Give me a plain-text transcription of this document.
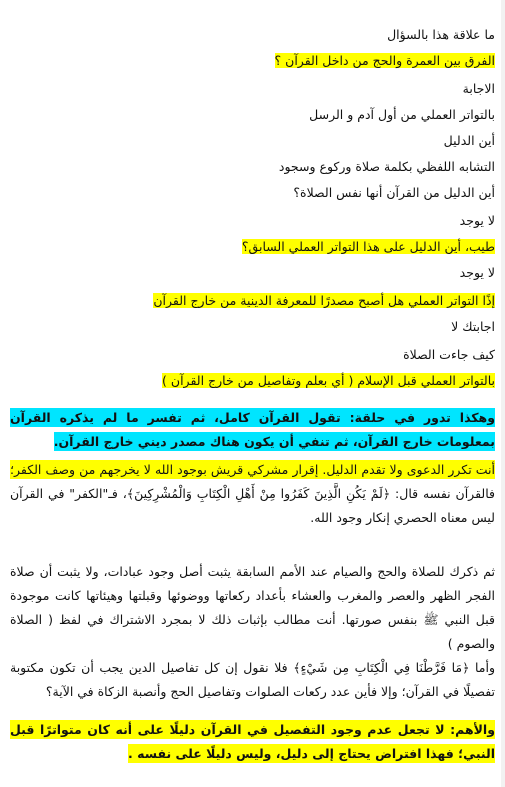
ما علاقة هذا بالسؤال
الفرق بين العمرة والحج من داخل القرآن ؟
الاجابة
بالتواتر العملي من أول آدم و الرسل
أين الدليل
التشابه اللفظي بكلمة صلاة وركوع وسجود
أين الدليل من القرآن أنها نفس الصلاة؟
لا يوجد
طيب، أين الدليل على هذا التواتر العملي السابق؟
لا يوجد
إذًا التواتر العملي هل أصبح مصدرًا للمعرفة الدينية من خارج القرآن
اجابتك لا
كيف جاءت الصلاة
بالتواتر العملي قبل الإسلام ( أي بعلم وتفاصيل من خارج القرآن )
وهكذا تدور في حلقة: تقول القرآن كامل، ثم تفسر ما لم يذكره القرآن بمعلومات خارج القرآن، ثم تنفي أن يكون هناك مصدر ديني خارج القرآن.
أنت تكرر الدعوى ولا تقدم الدليل. إقرار مشركي قريش بوجود الله لا يخرجهم من وصف الكفر؛ فالقرآن نفسه قال: ﴿لَمْ يَكُنِ الَّذِينَ كَفَرُوا مِنْ أَهْلِ الْكِتَابِ وَالْمُشْرِكِينَ﴾، فـ"الكفر" في القرآن ليس معناه الحصري إنكار وجود الله.
ثم ذكرك للصلاة والحج والصيام عند الأمم السابقة يثبت أصل وجود عبادات، ولا يثبت أن صلاة الفجر الظهر والعصر والمغرب والعشاء بأعداد ركعاتها ووضوئها وقبلتها وهيئاتها كانت موجودة قبل النبي ﷺ بنفس صورتها. أنت مطالب بإثبات ذلك لا بمجرد الاشتراك في لفظ ( الصلاة والصوم )
وأما ﴿مَا فَرَّطْنَا فِي الْكِتَابِ مِن شَيْءٍ﴾ فلا نقول إن كل تفاصيل الدين يجب أن تكون مكتوبة تفصيلًا في القرآن؛ وإلا فأين عدد ركعات الصلوات وتفاصيل الحج وأنصبة الزكاة في الآية؟
والأهم: لا تجعل عدم وجود التفصيل في القرآن دليلًا على أنه كان متواترًا قبل النبي؛ فهذا افتراض يحتاج إلى دليل، وليس دليلًا على نفسه .
